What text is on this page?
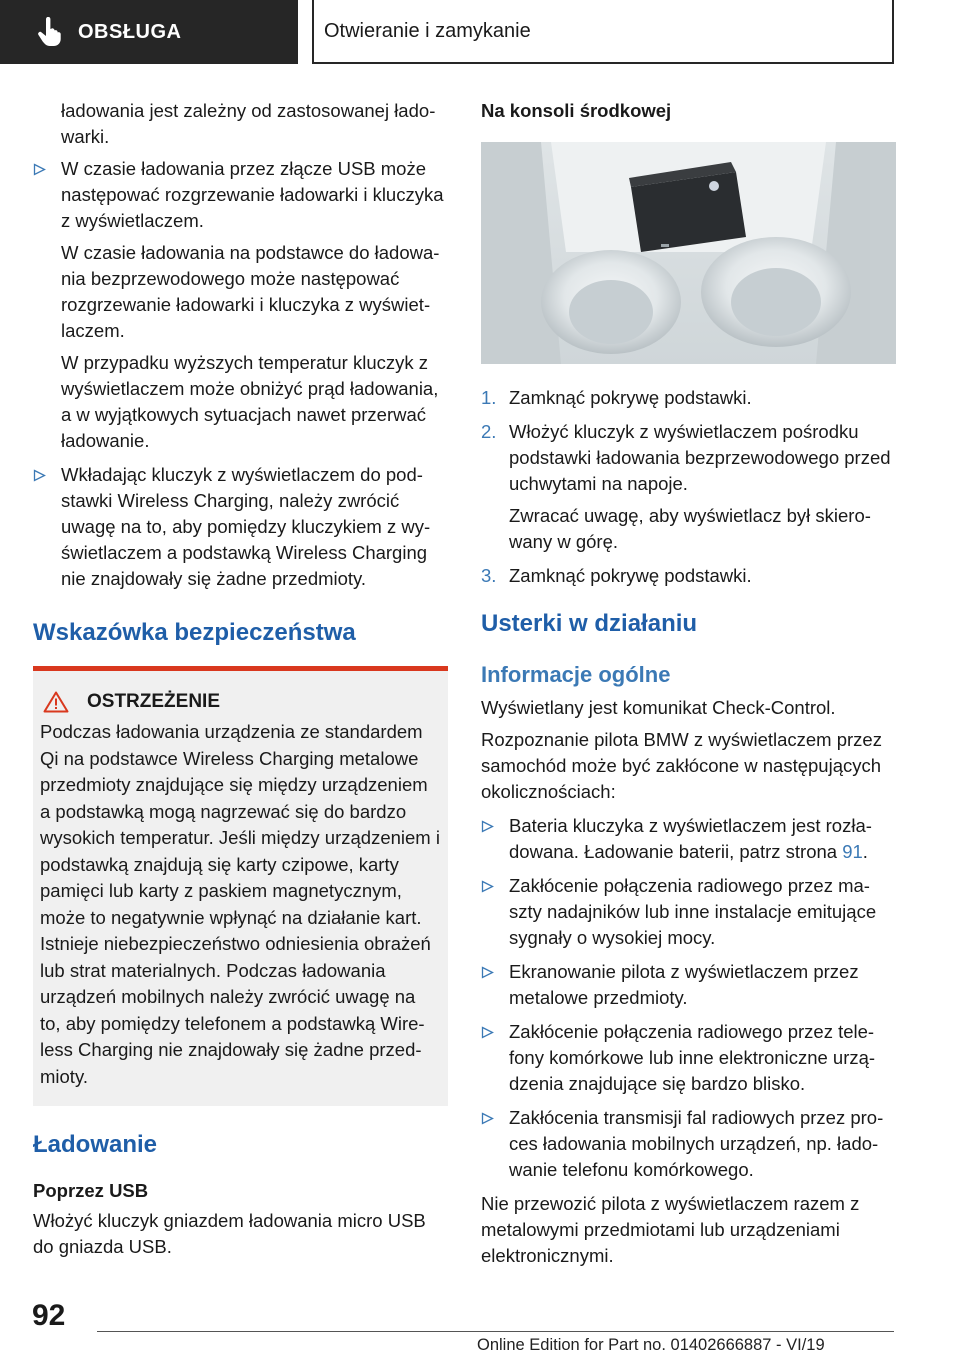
OBSŁUGA	Otwieranie i zamykanie

ładowania jest zależny od zastosowanej ładowarki.

W czasie ładowania przez złącze USB może następować rozgrzewanie ładowarki i kluczyka z wyświetlaczem.

W czasie ładowania na podstawce do ładowania bezprzewodowego może następować rozgrzewanie ładowarki i kluczyka z wyświetlaczem.

W przypadku wyższych temperatur kluczyk z wyświetlaczem może obniżyć prąd ładowania, a w wyjątkowych sytuacjach nawet przerwać ładowanie.

Wkładając kluczyk z wyświetlaczem do podstawki Wireless Charging, należy zwrócić uwagę na to, aby pomiędzy kluczykiem z wyświetlaczem a podstawką Wireless Charging nie znajdowały się żadne przedmioty.

Wskazówka bezpieczeństwa
OSTRZEŻENIE
Podczas ładowania urządzenia ze standardem Qi na podstawce Wireless Charging metalowe przedmioty znajdujące się między urządzeniem a podstawką mogą nagrzewać się do bardzo wysokich temperatur. Jeśli między urządzeniem i podstawką znajdują się karty czipowe, karty pamięci lub karty z paskiem magnetycznym, może to negatywnie wpłynąć na działanie kart. Istnieje niebezpieczeństwo odniesienia obrażeń lub strat materialnych. Podczas ładowania urządzeń mobilnych należy zwrócić uwagę na to, aby pomiędzy telefonem a podstawką Wireless Charging nie znajdowały się żadne przedmioty.
Ładowanie
Poprzez USB

Włożyć kluczyk gniazdem ładowania micro USB do gniazda USB.

Na konsoli środkowej
1. Zamknąć pokrywę podstawki.

2. Włożyć kluczyk z wyświetlaczem pośrodku podstawki ładowania bezprzewodowego przed uchwytami na napoje.

Zwracać uwagę, aby wyświetlacz był skierowany w górę.

3. Zamknąć pokrywę podstawki.

Usterki w działaniu
Informacje ogólne

Wyświetlany jest komunikat Check-Control.

Rozpoznanie pilota BMW z wyświetlaczem przez samochód może być zakłócone w następujących okolicznościach:

Bateria kluczyka z wyświetlaczem jest rozładowana. Ładowanie baterii, patrz strona 91.

Zakłócenie połączenia radiowego przez maszty nadajników lub inne instalacje emitujące sygnały o wysokiej mocy.

Ekranowanie pilota z wyświetlaczem przez metalowe przedmioty.

Zakłócenie połączenia radiowego przez telefony komórkowe lub inne elektroniczne urządzenia znajdujące się bardzo blisko.

Zakłócenia transmisji fal radiowych przez proces ładowania mobilnych urządzeń, np. ładowanie telefonu komórkowego.

Nie przewozić pilota z wyświetlaczem razem z metalowymi przedmiotami lub urządzeniami elektronicznymi.

92
Online Edition for Part no. 01402666887 - VI/19
